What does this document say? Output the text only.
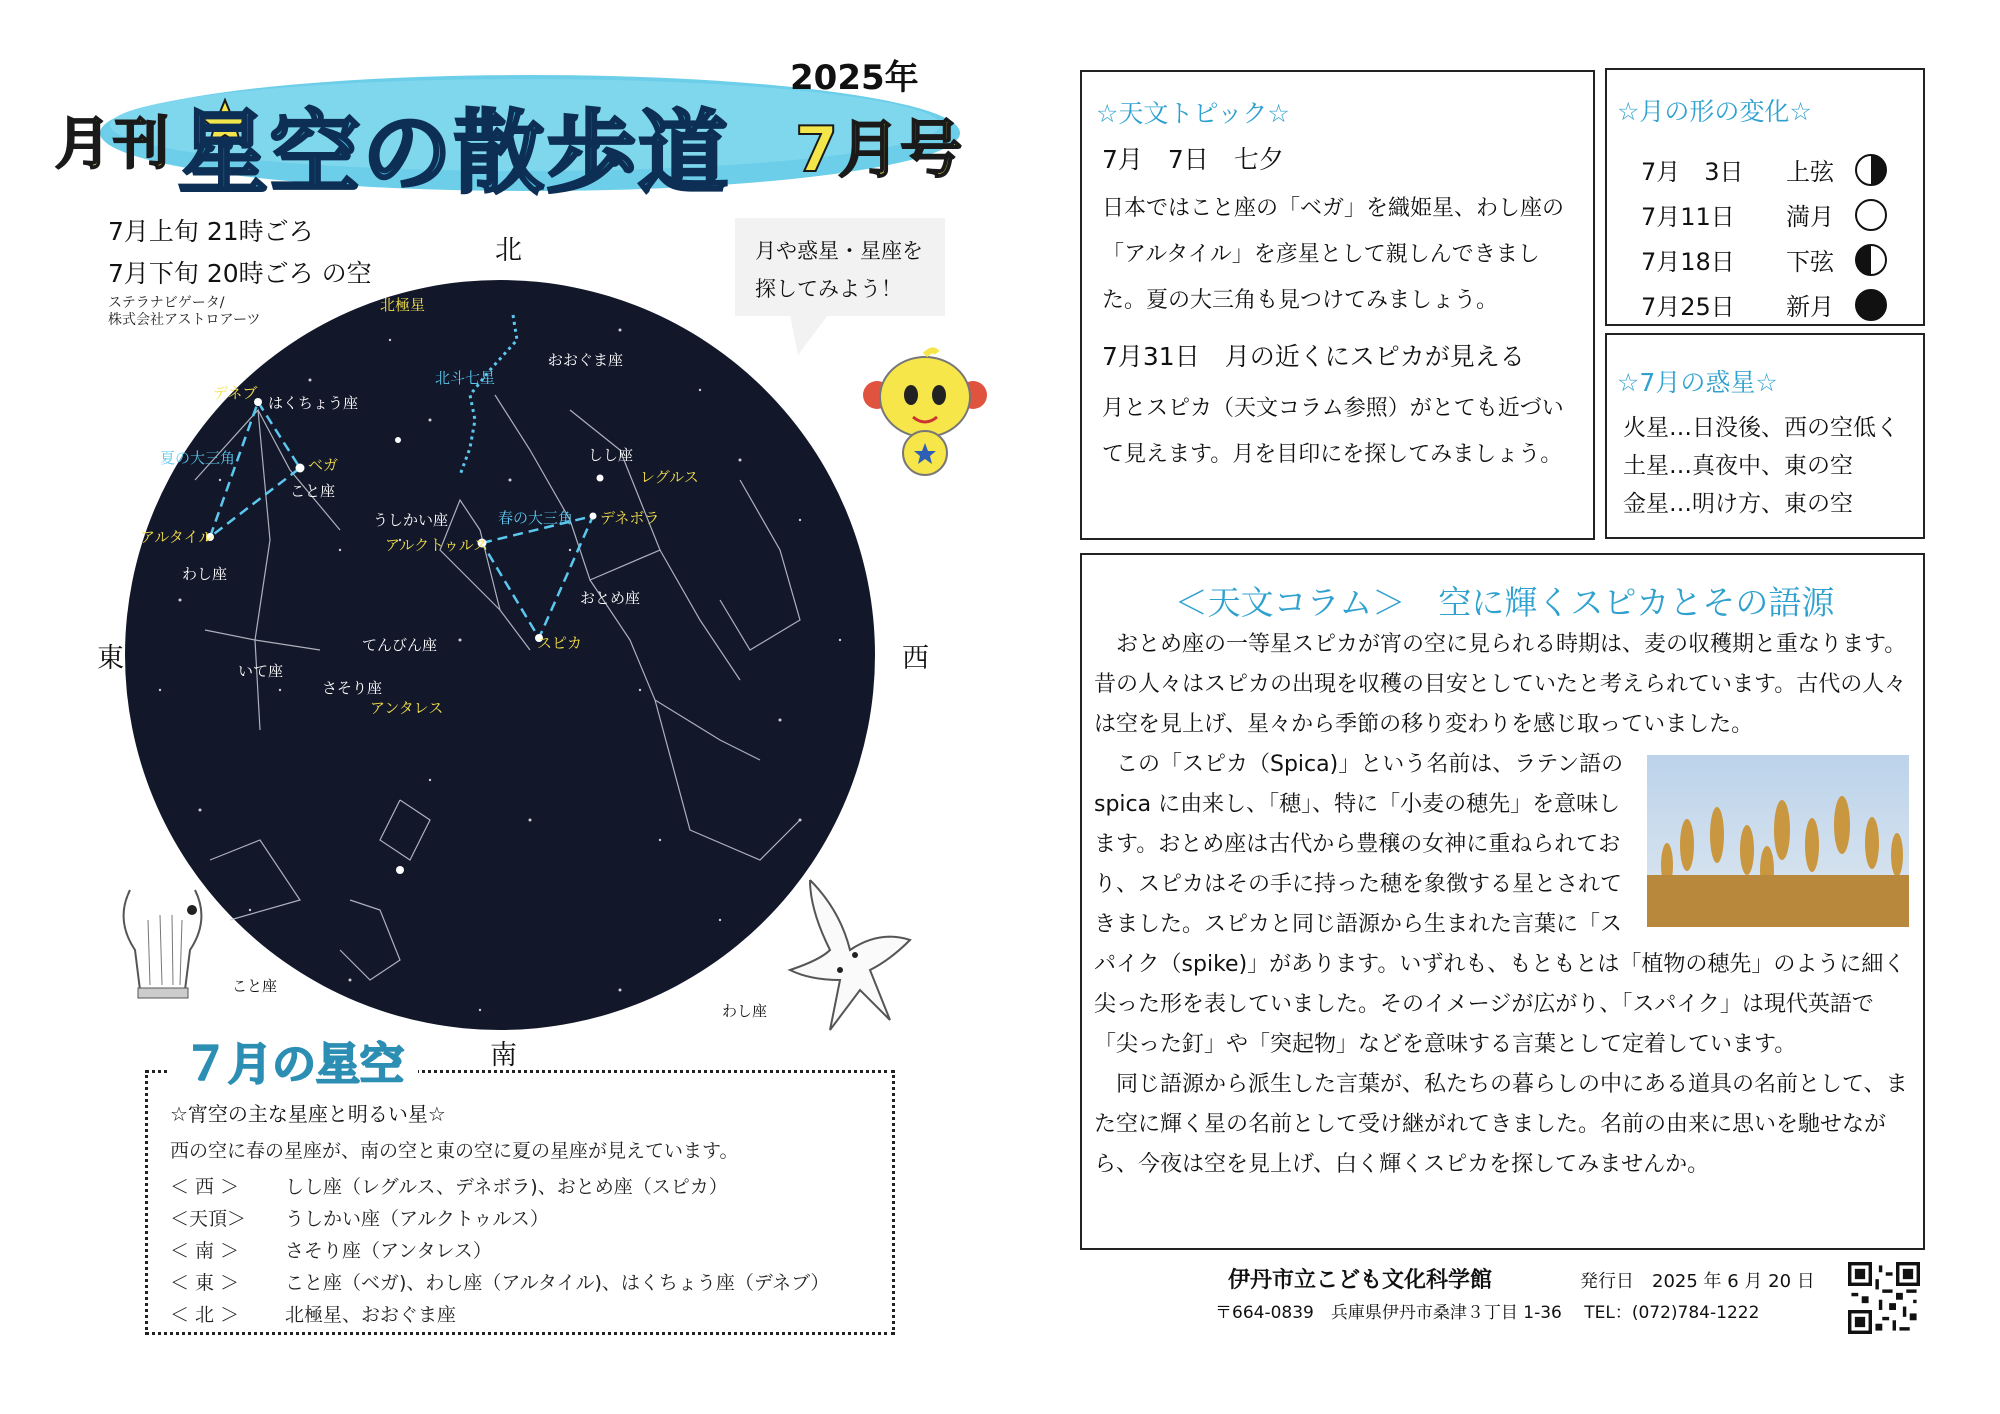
2025年
月刊 星空の散歩道 7月号
7月上旬 21時ごろ
7月下旬 20時ごろ の空
ステラナビゲータ/
株式会社アストロアーツ
北
南
東	西
北極星
おおぐま座
北斗七星
デネブ
はくちょう座
夏の大三角	ベガ
こと座
アルタイル
わし座
しし座
レグルス
うしかい座
アルクトゥルス
春の大三角 デネボラ
おとめ座
スピカ
てんびん座
いて座
さそり座
アンタレス
月や惑星・星座を
探してみよう！
こと座
わし座
７月の星空
☆宵空の主な星座と明るい星☆
西の空に春の星座が、南の空と東の空に夏の星座が見えています。
＜ 西 ＞	しし座（レグルス、デネボラ)、おとめ座（スピカ）
＜天頂＞	うしかい座（アルクトゥルス）
＜ 南 ＞	さそり座（アンタレス）
＜ 東 ＞	こと座（ベガ)、わし座（アルタイル)、はくちょう座（デネブ）
＜ 北 ＞	北極星、おおぐま座
☆天文トピック☆
7月　7日　七夕
日本ではこと座の「ベガ」を織姫星、わし座の「アルタイル」を彦星として親しんできました。夏の大三角も見つけてみましょう。
7月31日　月の近くにスピカが見える
月とスピカ（天文コラム参照）がとても近づいて見えます。月を目印にを探してみましょう。
☆月の形の変化☆
7月　3日	上弦
7月11日	満月
7月18日	下弦
7月25日	新月
☆7月の惑星☆
火星…日没後、西の空低く
土星…真夜中、東の空
金星…明け方、東の空
＜天文コラム＞　空に輝くスピカとその語源

おとめ座の一等星スピカが宵の空に見られる時期は、麦の収穫期と重なります。昔の人々はスピカの出現を収穫の目安としていたと考えられています。古代の人々は空を見上げ、星々から季節の移り変わりを感じ取っていました。

この「スピカ（Spica)」という名前は、ラテン語の spica に由来し、「穂」、特に「小麦の穂先」を意味します。おとめ座は古代から豊穣の女神に重ねられており、スピカはその手に持った穂を象徴する星とされてきました。スピカと同じ語源から生まれた言葉に「スパイク（spike)」があります。いずれも、もともとは「植物の穂先」のように細く尖った形を表していました。そのイメージが広がり、「スパイク」は現代英語で「尖った釘」や「突起物」などを意味する言葉として定着しています。

同じ語源から派生した言葉が、私たちの暮らしの中にある道具の名前として、また空に輝く星の名前として受け継がれてきました。名前の由来に思いを馳せながら、今夜は空を見上げ、白く輝くスピカを探してみませんか。

伊丹市立こども文化科学館	発行日　2025 年 6 月 20 日
〒664-0839　兵庫県伊丹市桑津３丁目 1-36　 TEL：(072)784-1222
